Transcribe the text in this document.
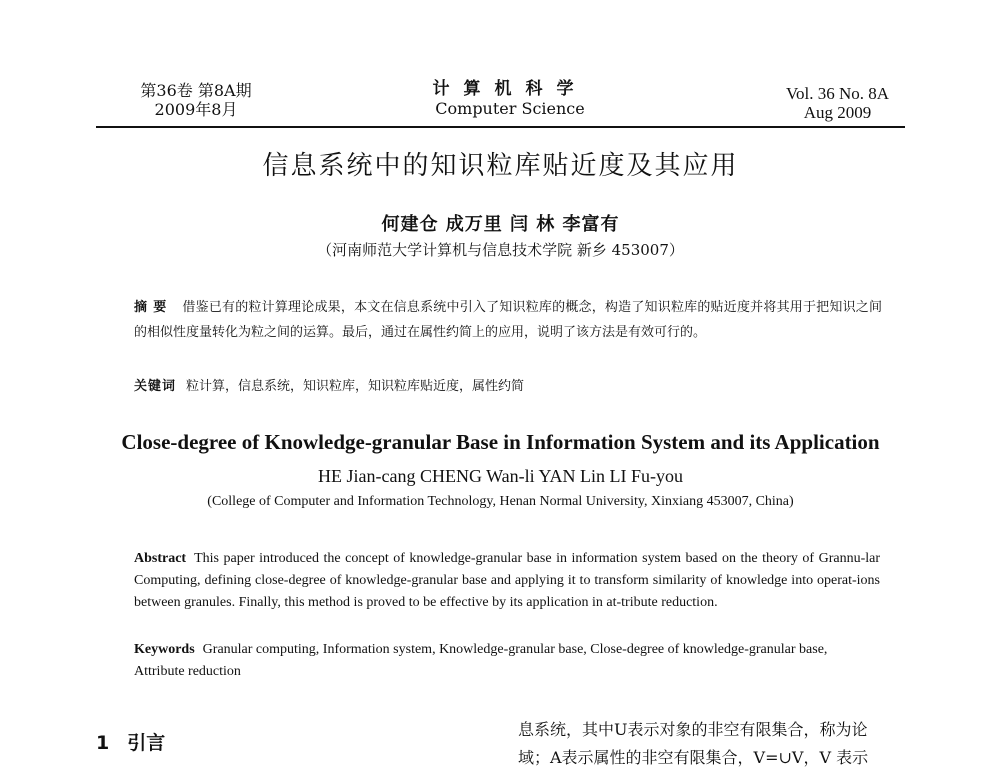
第36卷 第8A期
2009年8月
计算机科学
Computer Science
Vol. 36 No. 8A
Aug 2009
信息系统中的知识粒库贴近度及其应用
何建仓 成万里 闫 林 李富有
（河南师范大学计算机与信息技术学院 新乡 453007）
摘要 借鉴已有的粒计算理论成果，本文在信息系统中引入了知识粒库的概念，构造了知识粒库的贴近度并将其用于把知识之间的相似性度量转化为粒之间的运算。最后，通过在属性约简上的应用，说明了该方法是有效可行的。
关键词 粒计算，信息系统，知识粒库，知识粒库贴近度，属性约简
Close-degree of Knowledge-granular Base in Information System and its Application
HE Jian-cang CHENG Wan-li YAN Lin LI Fu-you
(College of Computer and Information Technology, Henan Normal University, Xinxiang 453007, China)
Abstract This paper introduced the concept of knowledge-granular base in information system based on the theory of Grannu-lar Computing, defining close-degree of knowledge-granular base and applying it to transform similarity of knowledge into operat-ions between granules. Finally, this method is proved to be effective by its application in at-tribute reduction.
Keywords Granular computing, Information system, Knowledge-granular base, Close-degree of knowledge-granular base, Attribute reduction
1 引言
息系统，其中U表示对象的非空有限集合，称为论
域；A表示属性的非空有限集合，V=∪V，V 表示
